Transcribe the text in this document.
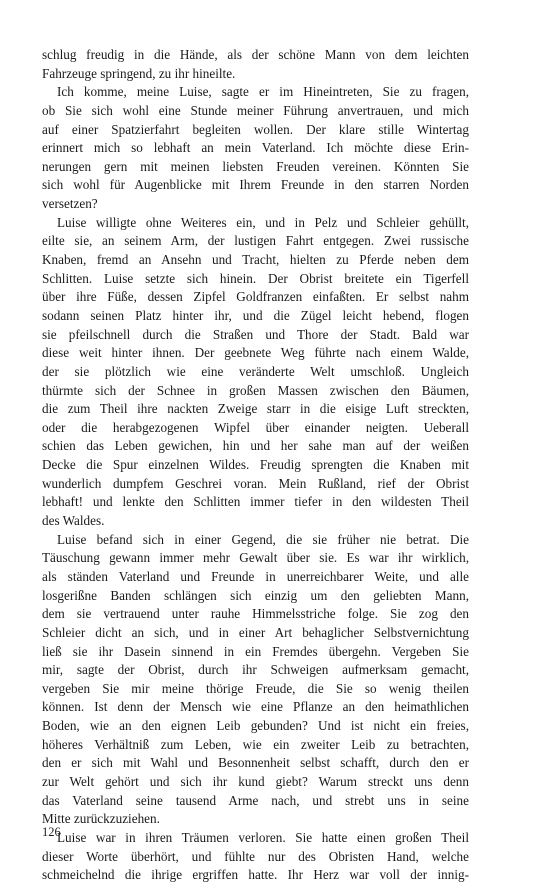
schlug freudig in die Hände, als der schöne Mann von dem leichten
Fahrzeuge springend, zu ihr hineilte.
Ich komme, meine Luise, sagte er im Hineintreten, Sie zu fragen,
ob Sie sich wohl eine Stunde meiner Führung anvertrauen, und mich
auf einer Spatzierfahrt begleiten wollen. Der klare stille Wintertag
erinnert mich so lebhaft an mein Vaterland. Ich möchte diese Erin-
nerungen gern mit meinen liebsten Freuden vereinen. Könnten Sie
sich wohl für Augenblicke mit Ihrem Freunde in den starren Norden
versetzen?
Luise willigte ohne Weiteres ein, und in Pelz und Schleier gehüllt,
eilte sie, an seinem Arm, der lustigen Fahrt entgegen. Zwei russische
Knaben, fremd an Ansehn und Tracht, hielten zu Pferde neben dem
Schlitten. Luise setzte sich hinein. Der Obrist breitete ein Tigerfell
über ihre Füße, dessen Zipfel Goldfranzen einfaßten. Er selbst nahm
sodann seinen Platz hinter ihr, und die Zügel leicht hebend, flogen
sie pfeilschnell durch die Straßen und Thore der Stadt. Bald war
diese weit hinter ihnen. Der geebnete Weg führte nach einem Walde,
der sie plötzlich wie eine veränderte Welt umschloß. Ungleich
thürmte sich der Schnee in großen Massen zwischen den Bäumen,
die zum Theil ihre nackten Zweige starr in die eisige Luft streckten,
oder die herabgezogenen Wipfel über einander neigten. Ueberall
schien das Leben gewichen, hin und her sahe man auf der weißen
Decke die Spur einzelnen Wildes. Freudig sprengten die Knaben mit
wunderlich dumpfem Geschrei voran. Mein Rußland, rief der Obrist
lebhaft! und lenkte den Schlitten immer tiefer in den wildesten Theil
des Waldes.
Luise befand sich in einer Gegend, die sie früher nie betrat. Die
Täuschung gewann immer mehr Gewalt über sie. Es war ihr wirklich,
als ständen Vaterland und Freunde in unerreichbarer Weite, und alle
losgerißne Banden schlängen sich einzig um den geliebten Mann,
dem sie vertrauend unter rauhe Himmelsstriche folge. Sie zog den
Schleier dicht an sich, und in einer Art behaglicher Selbstvernichtung
ließ sie ihr Dasein sinnend in ein Fremdes übergehn. Vergeben Sie
mir, sagte der Obrist, durch ihr Schweigen aufmerksam gemacht,
vergeben Sie mir meine thörige Freude, die Sie so wenig theilen
können. Ist denn der Mensch wie eine Pflanze an den heimathlichen
Boden, wie an den eignen Leib gebunden? Und ist nicht ein freies,
höheres Verhältniß zum Leben, wie ein zweiter Leib zu betrachten,
den er sich mit Wahl und Besonnenheit selbst schafft, durch den er
zur Welt gehört und sich ihr kund giebt? Warum streckt uns denn
das Vaterland seine tausend Arme nach, und strebt uns in seine
Mitte zurückzuziehen.
Luise war in ihren Träumen verloren. Sie hatte einen großen Theil
dieser Worte überhört, und fühlte nur des Obristen Hand, welche
schmeichelnd die ihrige ergriffen hatte. Ihr Herz war voll der innig-
126
